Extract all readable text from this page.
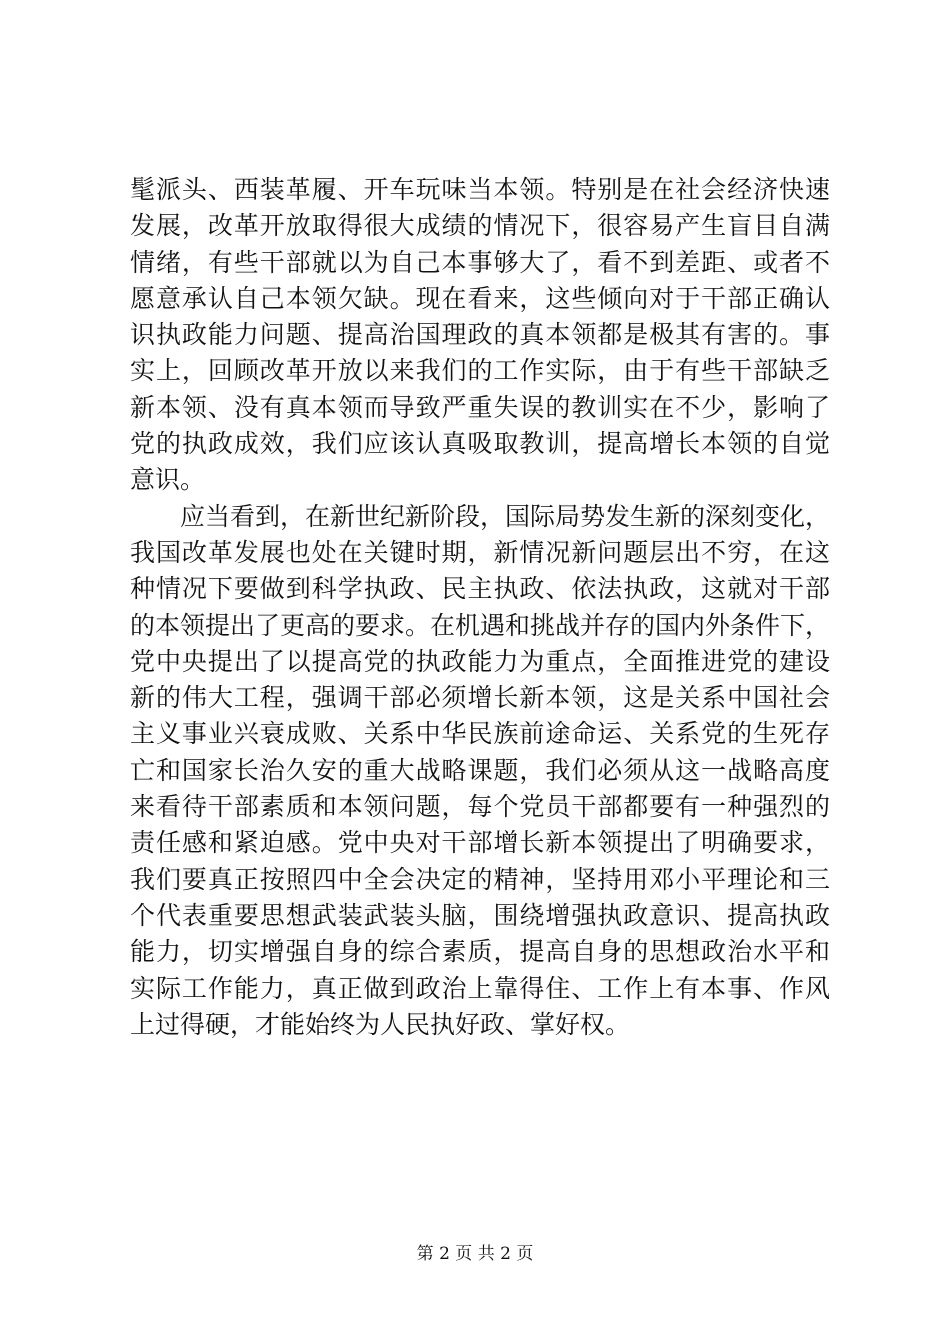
髦派头、西装革履、开车玩味当本领。特别是在社会经济快速
发展，改革开放取得很大成绩的情况下，很容易产生盲目自满
情绪，有些干部就以为自己本事够大了，看不到差距、或者不
愿意承认自己本领欠缺。现在看来，这些倾向对于干部正确认
识执政能力问题、提高治国理政的真本领都是极其有害的。事
实上，回顾改革开放以来我们的工作实际，由于有些干部缺乏
新本领、没有真本领而导致严重失误的教训实在不少，影响了
党的执政成效，我们应该认真吸取教训，提高增长本领的自觉
意识。
应当看到，在新世纪新阶段，国际局势发生新的深刻变化，
我国改革发展也处在关键时期，新情况新问题层出不穷，在这
种情况下要做到科学执政、民主执政、依法执政，这就对干部
的本领提出了更高的要求。在机遇和挑战并存的国内外条件下，
党中央提出了以提高党的执政能力为重点，全面推进党的建设
新的伟大工程，强调干部必须增长新本领，这是关系中国社会
主义事业兴衰成败、关系中华民族前途命运、关系党的生死存
亡和国家长治久安的重大战略课题，我们必须从这一战略高度
来看待干部素质和本领问题，每个党员干部都要有一种强烈的
责任感和紧迫感。党中央对干部增长新本领提出了明确要求，
我们要真正按照四中全会决定的精神，坚持用邓小平理论和三
个代表重要思想武装武装头脑，围绕增强执政意识、提高执政
能力，切实增强自身的综合素质，提高自身的思想政治水平和
实际工作能力，真正做到政治上靠得住、工作上有本事、作风
上过得硬，才能始终为人民执好政、掌好权。
第 2 页 共 2 页
